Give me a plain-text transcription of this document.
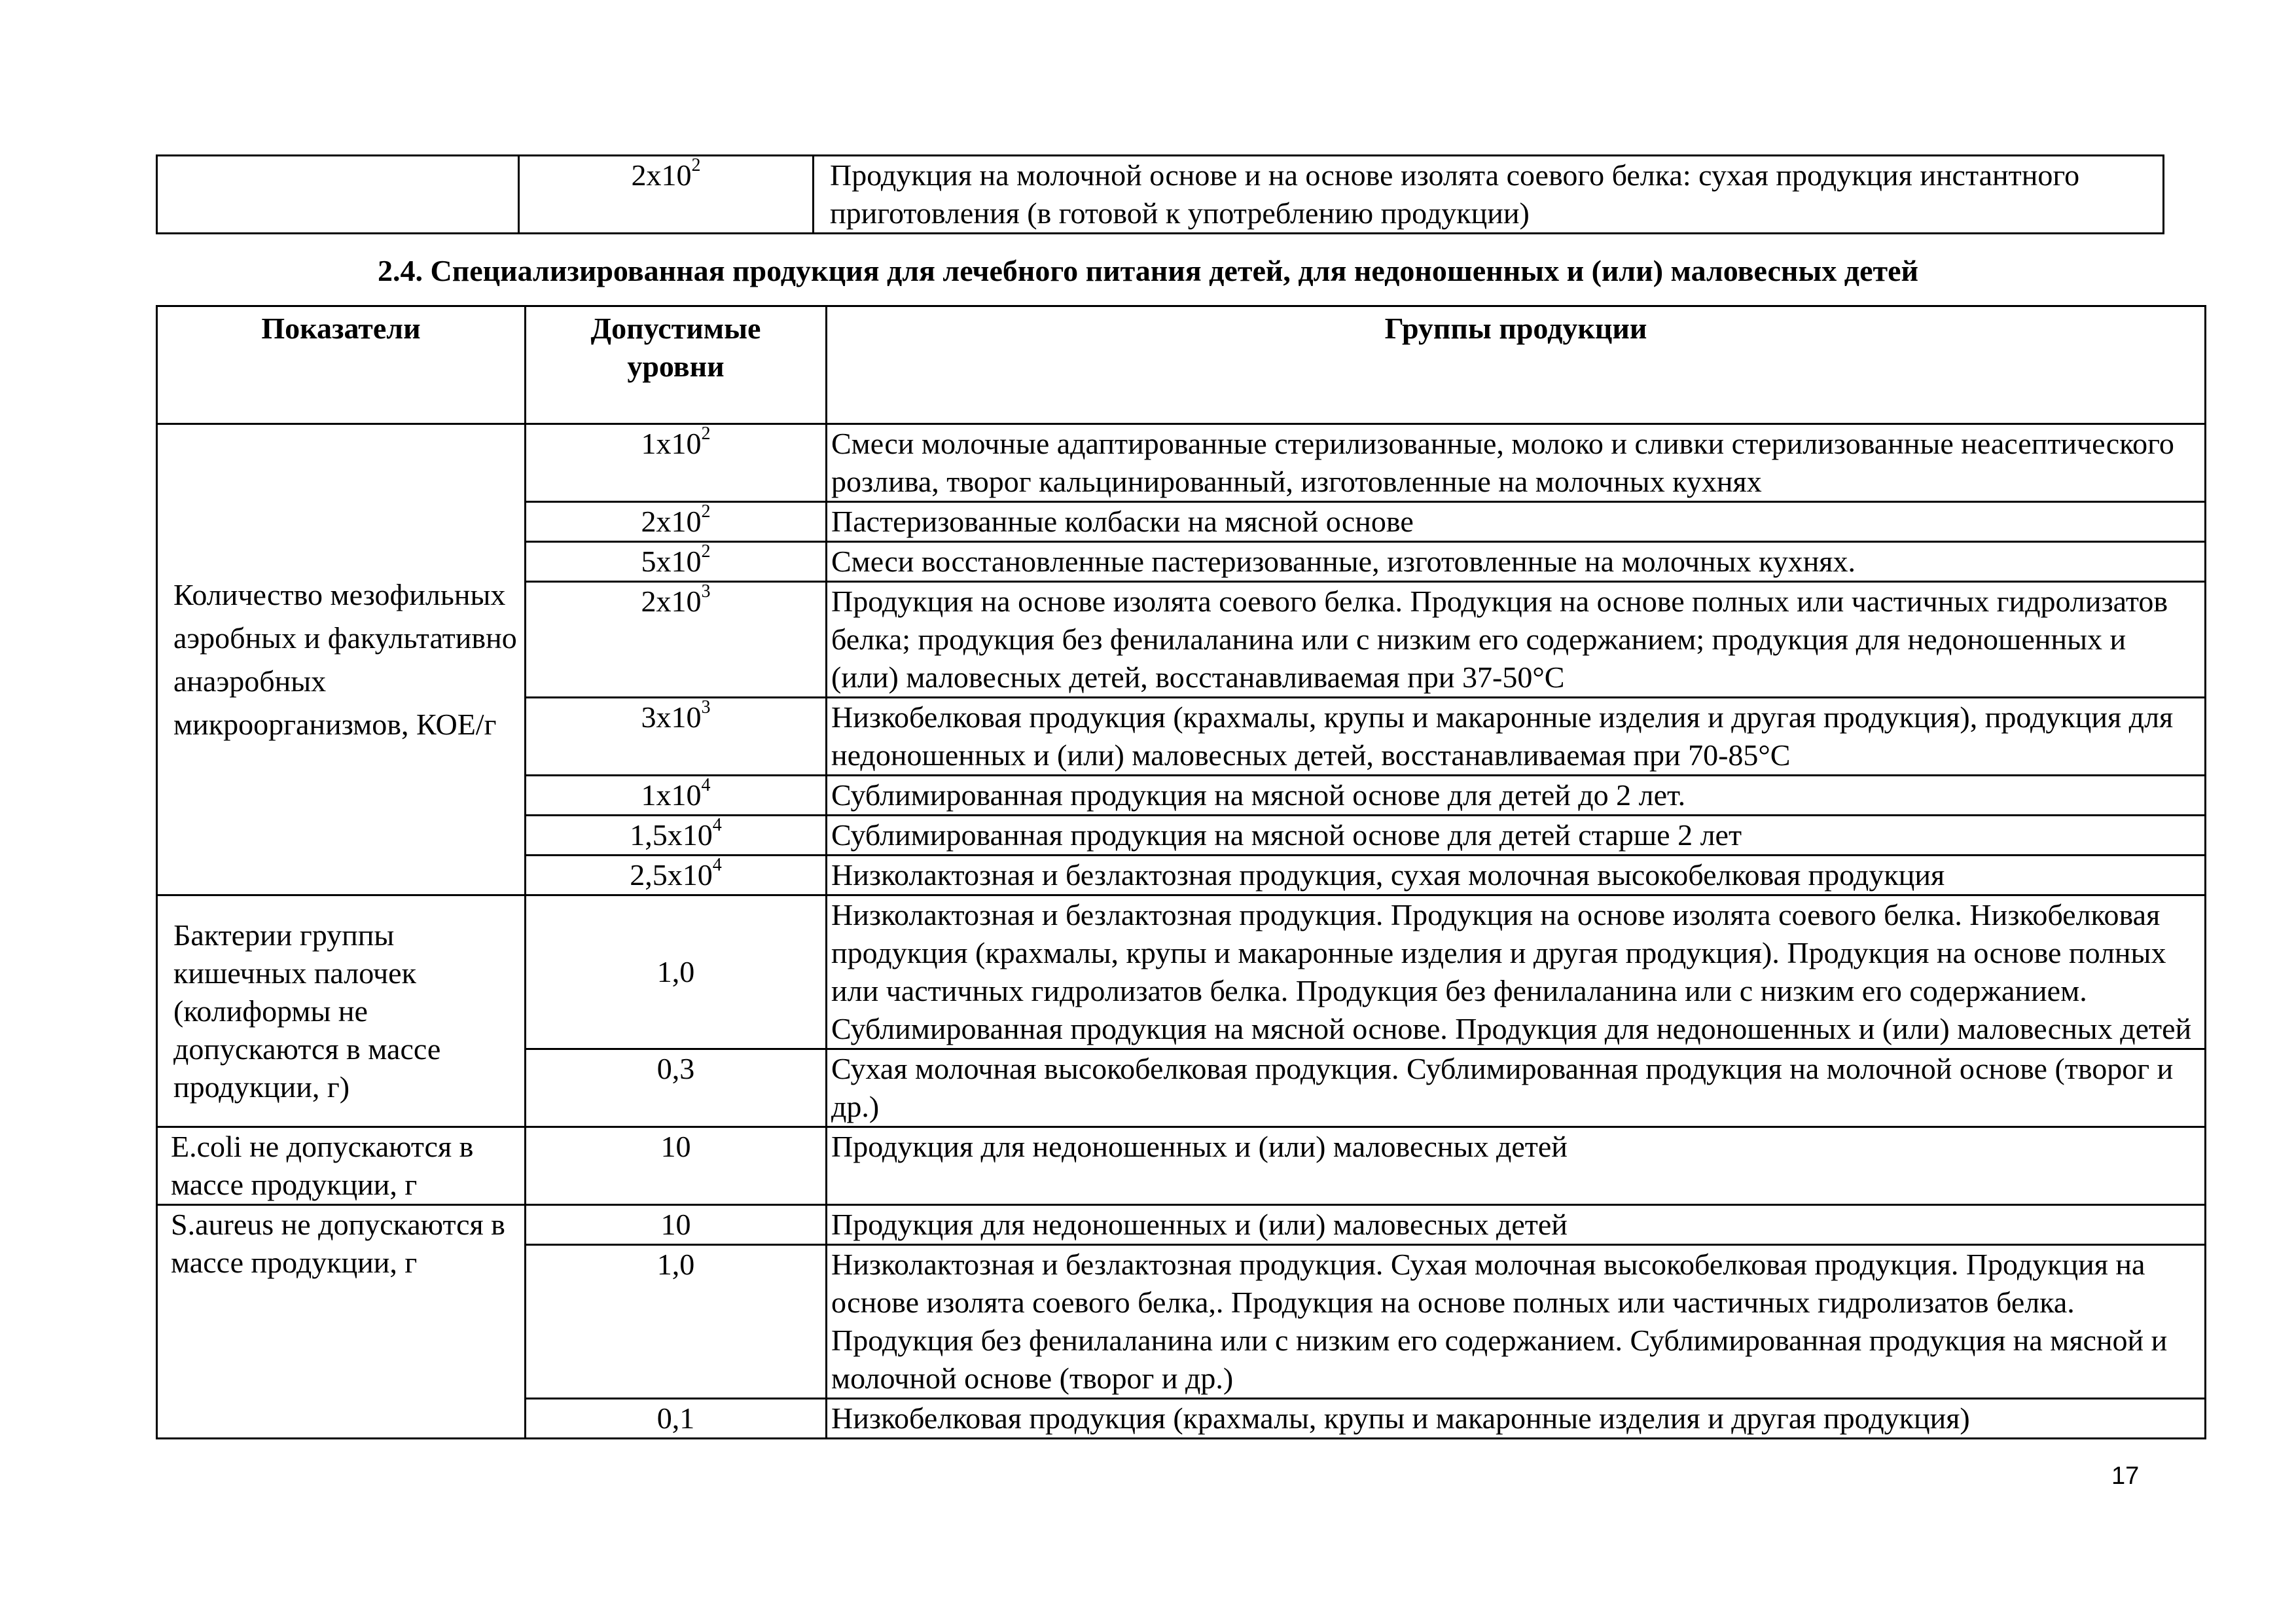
	$2x10^2$	Продукция на молочной основе и на основе изолята соевого белка: сухая продукция инстантного приготовления (в готовой к употреблению продукции)
2.4. Специализированная продукция для лечебного питания детей, для недоношенных и (или) маловесных детей
Показатели	Допустимые уровни	Группы продукции
Количество мезофильных аэробных и факультативно анаэробных микроорганизмов, КОЕ/г	$1x10^2$	Смеси молочные адаптированные стерилизованные, молоко и сливки стерилизованные неасептического розлива, творог кальцинированный, изготовленные на молочных кухнях
	$2x10^2$	Пастеризованные колбаски на мясной основе
	$5x10^2$	Смеси восстановленные пастеризованные, изготовленные на молочных кухнях.
	$2x10^3$	Продукция на основе изолята соевого белка. Продукция на основе полных или частичных гидролизатов белка; продукция без фенилаланина или с низким его содержанием; продукция для недоношенных и (или) маловесных детей, восстанавливаемая при 37-50°С
	$3x10^3$	Низкобелковая продукция (крахмалы, крупы и макаронные изделия и другая продукция), продукция для недоношенных и (или) маловесных детей, восстанавливаемая при 70-85°С
	$1x10^4$	Сублимированная продукция на мясной основе для детей до 2 лет.
	$1,5x10^4$	Сублимированная продукция на мясной основе для детей старше 2 лет
	$2,5x10^4$	Низколактозная и безлактозная продукция, сухая молочная высокобелковая продукция
Бактерии группы кишечных палочек (колиформы не допускаются в массе продукции, г)	1,0	Низколактозная и безлактозная продукция. Продукция на основе изолята соевого белка. Низкобелковая продукция (крахмалы, крупы и макаронные изделия и другая продукция). Продукция на основе полных или частичных гидролизатов белка. Продукция без фенилаланина или с низким его содержанием. Сублимированная продукция на мясной основе. Продукция для недоношенных и (или) маловесных детей
	0,3	Сухая молочная высокобелковая продукция. Сублимированная продукция на молочной основе (творог и др.)
E.coli не допускаются в массе продукции, г	10	Продукция для недоношенных и (или) маловесных детей
S.aureus не допускаются в массе продукции, г	10	Продукция для недоношенных и (или) маловесных детей
	1,0	Низколактозная и безлактозная продукция. Сухая молочная высокобелковая продукция. Продукция на основе изолята соевого белка,. Продукция на основе полных или частичных гидролизатов белка. Продукция без фенилаланина или с низким его содержанием. Сублимированная продукция на мясной и молочной основе (творог и др.)
	0,1	Низкобелковая продукция (крахмалы, крупы и макаронные изделия и другая продукция)
17
